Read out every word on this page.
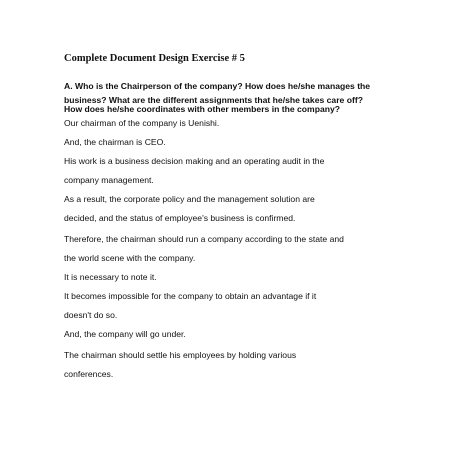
Complete Document Design Exercise # 5
A. Who is the Chairperson of the company? How does he/she manages the
business? What are the different assignments that he/she takes care off?
How does he/she coordinates with other members in the company?
Our chairman of the company is Uenishi.
And, the chairman is CEO.
His work is a business decision making and an operating audit in the
company management.
As a result, the corporate policy and the management solution are
decided, and the status of employee's business is confirmed.
Therefore, the chairman should run a company according to the state and
the world scene with the company.
It is necessary to note it.
It becomes impossible for the company to obtain an advantage if it
doesn't do so.
And, the company will go under.
The chairman should settle his employees by holding various
conferences.
